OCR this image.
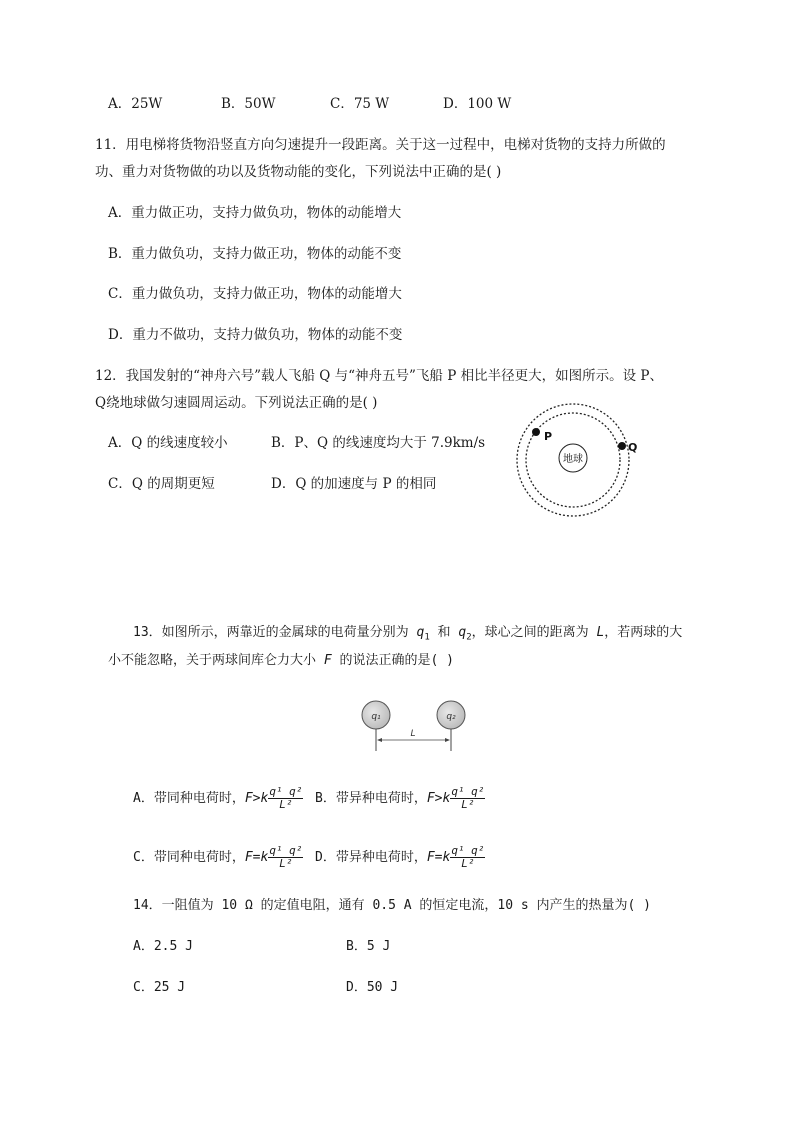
A．25W	B．50W	C．75 W	D．100 W
11．用电梯将货物沿竖直方向匀速提升一段距离。关于这一过程中，电梯对货物的支持力所做的
功、重力对货物做的功以及货物动能的变化，下列说法中正确的是( )
A．重力做正功，支持力做负功，物体的动能增大
B．重力做负功，支持力做正功，物体的动能不变
C．重力做负功，支持力做正功，物体的动能增大
D．重力不做功，支持力做负功，物体的动能不变
12．我国发射的“神舟六号”载人飞船 Q 与“神舟五号”飞船 P 相比半径更大，如图所示。设 P、
Q绕地球做匀速圆周运动。下列说法正确的是( )
A．Q 的线速度较小	B．P、Q 的线速度均大于 7.9km/s
C．Q 的周期更短	D．Q 的加速度与 P 的相同
地球
P
Q
13．如图所示，两靠近的金属球的电荷量分别为 $q_1$ 和 $q_2$，球心之间的距离为 L，若两球的大
小不能忽略，关于两球间库仑力大小 F 的说法正确的是( )
q₁	q₂
L
A．带同种电荷时，$F>k \frac{\text{q¹ q²}}{\text{L²}}$ B．带异种电荷时，$F>k \frac{\text{q¹ q²}}{\text{L²}}$
C．带同种电荷时，$F=k \frac{\text{q¹ q²}}{\text{L²}}$ D．带异种电荷时，$F=k \frac{\text{q¹ q²}}{\text{L²}}$
14．一阻值为 10 Ω 的定值电阻，通有 0.5 A 的恒定电流，10 s 内产生的热量为( )
A．2.5 J	B．5 J
C．25 J	D．50 J
